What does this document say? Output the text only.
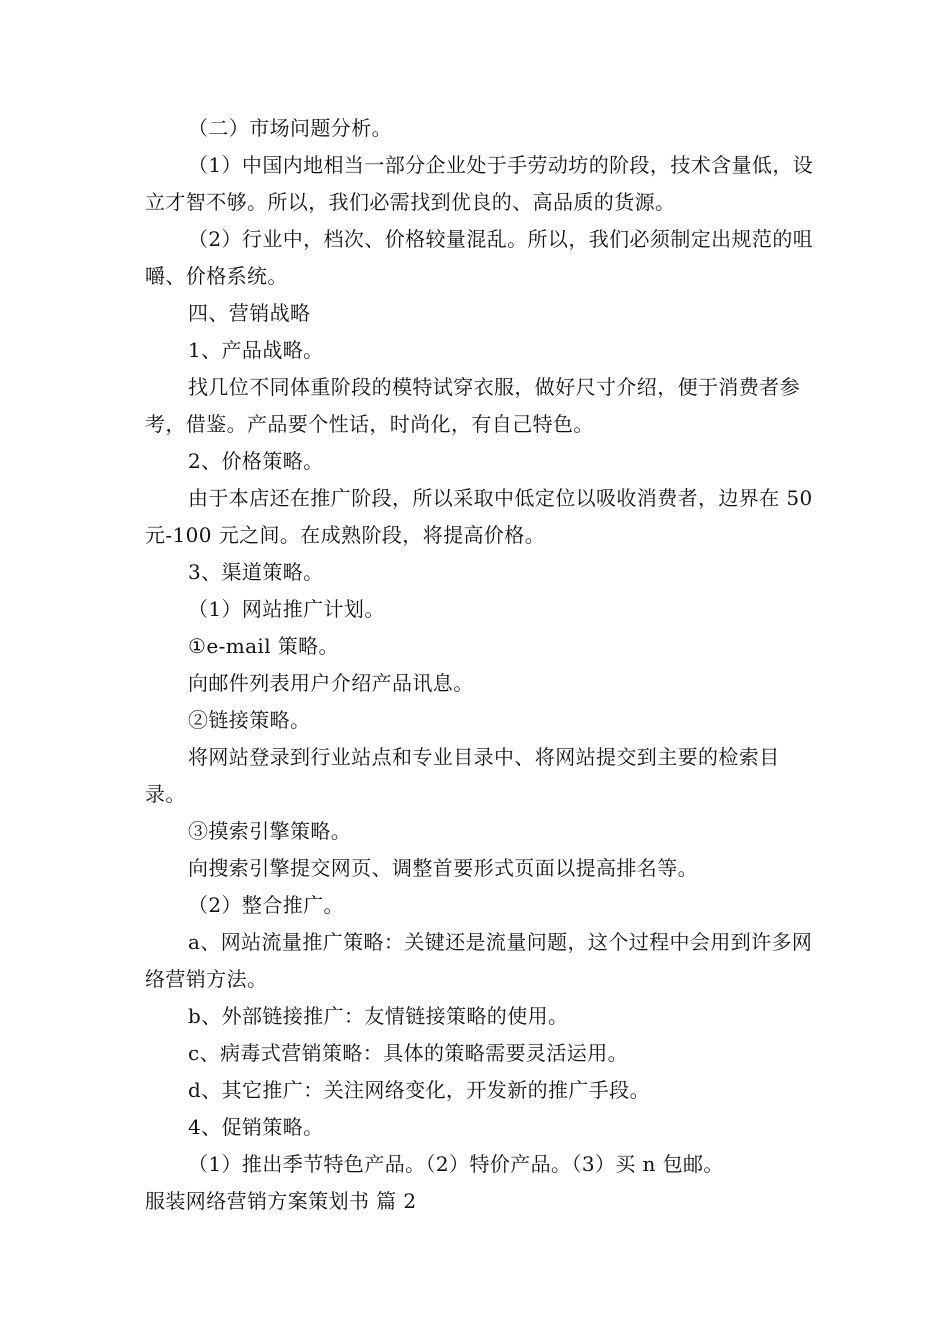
（二）市场问题分析。

（1）中国内地相当一部分企业处于手劳动坊的阶段，技术含量低，设立才智不够。所以，我们必需找到优良的、高品质的货源。

（2）行业中，档次、价格较量混乱。所以，我们必须制定出规范的咀嚼、价格系统。

四、营销战略

1、产品战略。

找几位不同体重阶段的模特试穿衣服，做好尺寸介绍，便于消费者参考，借鉴。产品要个性话，时尚化，有自己特色。

2、价格策略。

由于本店还在推广阶段，所以采取中低定位以吸收消费者，边界在 50 元-100 元之间。在成熟阶段，将提高价格。

3、渠道策略。

（1）网站推广计划。

①e-mail 策略。

向邮件列表用户介绍产品讯息。

②链接策略。

将网站登录到行业站点和专业目录中、将网站提交到主要的检索目录。

③摸索引擎策略。

向搜索引擎提交网页、调整首要形式页面以提高排名等。

（2）整合推广。

a、网站流量推广策略：关键还是流量问题，这个过程中会用到许多网络营销方法。

b、外部链接推广：友情链接策略的使用。

c、病毒式营销策略：具体的策略需要灵活运用。

d、其它推广：关注网络变化，开发新的推广手段。

4、促销策略。

（1）推出季节特色产品。（2）特价产品。（3）买 n 包邮。

服装网络营销方案策划书 篇 2
